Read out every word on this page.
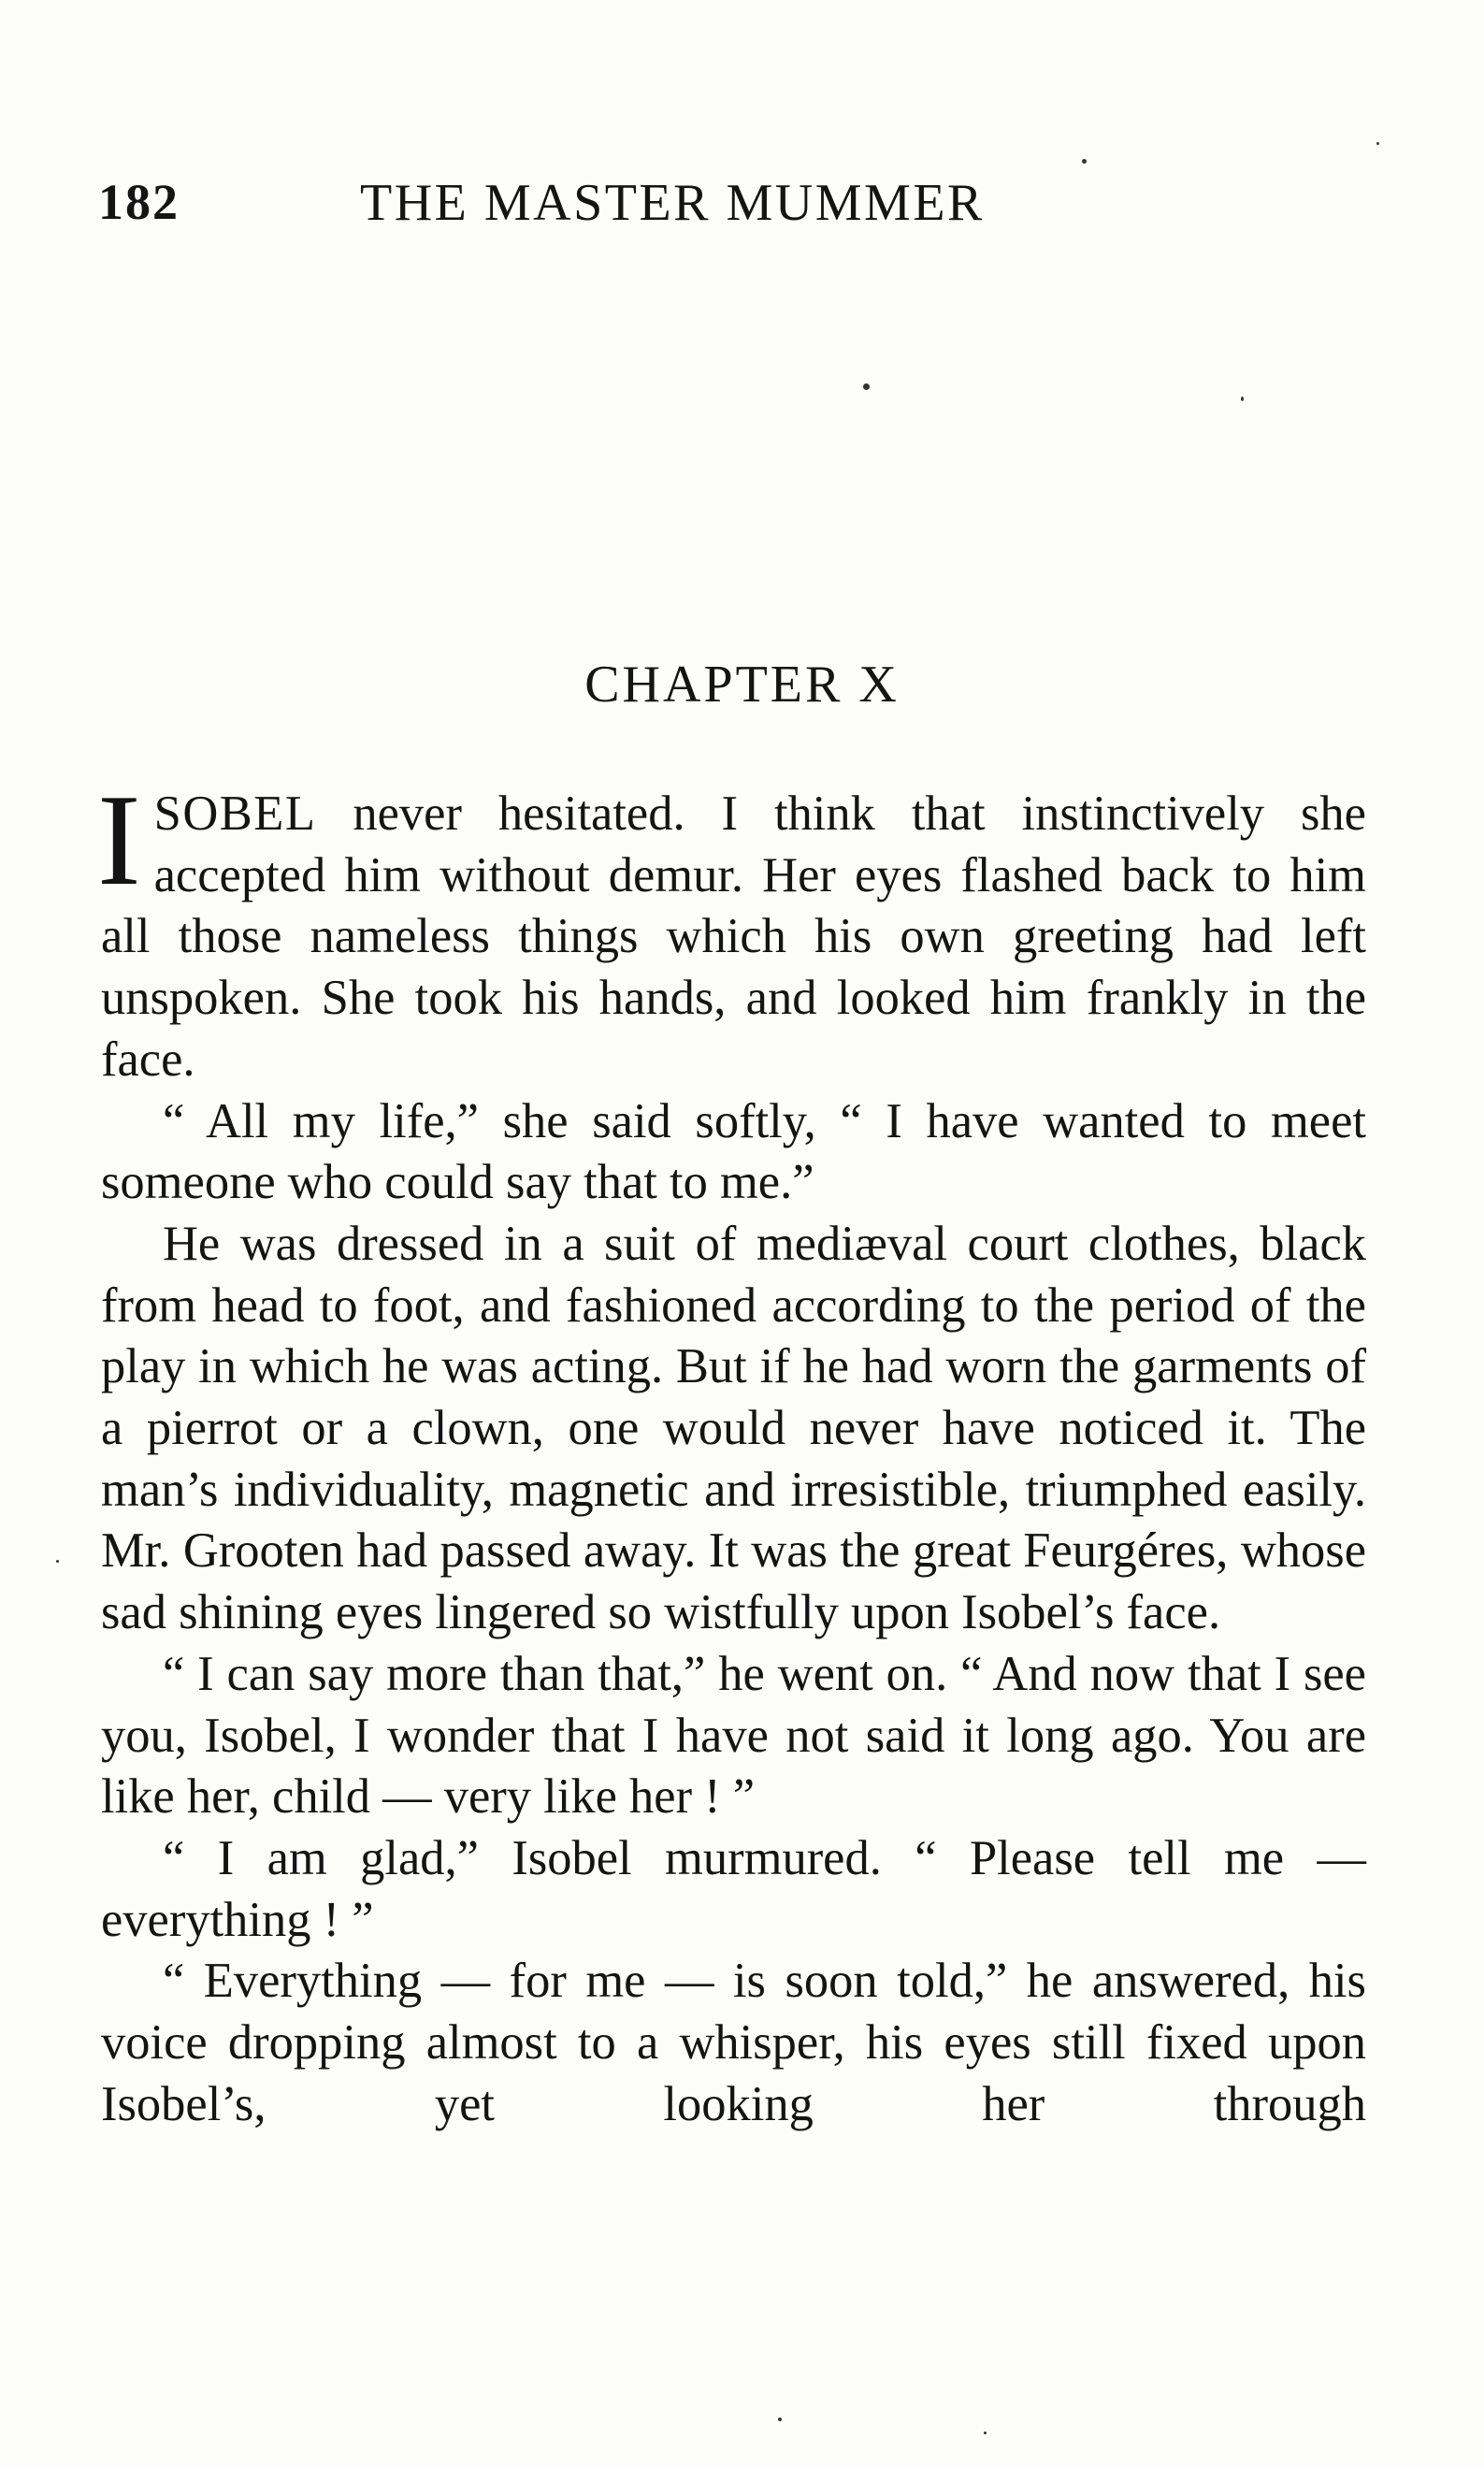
182	THE MASTER MUMMER
CHAPTER X

ISOBEL never hesitated. I think that instinctively she accepted him without demur. Her eyes flashed back to him all those nameless things which his own greeting had left unspoken. She took his hands, and looked him frankly in the face.

“ All my life,” she said softly, “ I have wanted to meet someone who could say that to me.”

He was dressed in a suit of mediæval court clothes, black from head to foot, and fashioned according to the period of the play in which he was acting. But if he had worn the garments of a pierrot or a clown, one would never have noticed it. The man’s individuality, magnetic and irresistible, triumphed easily. Mr. Grooten had passed away. It was the great Feurgéres, whose sad shining eyes lingered so wistfully upon Isobel’s face.

“ I can say more than that,” he went on. “ And now that I see you, Isobel, I wonder that I have not said it long ago. You are like her, child — very like her ! ”

“ I am glad,” Isobel murmured. “ Please tell me — everything ! ”

“ Everything — for me — is soon told,” he answered, his voice dropping almost to a whisper, his eyes still fixed upon Isobel’s, yet looking her through
